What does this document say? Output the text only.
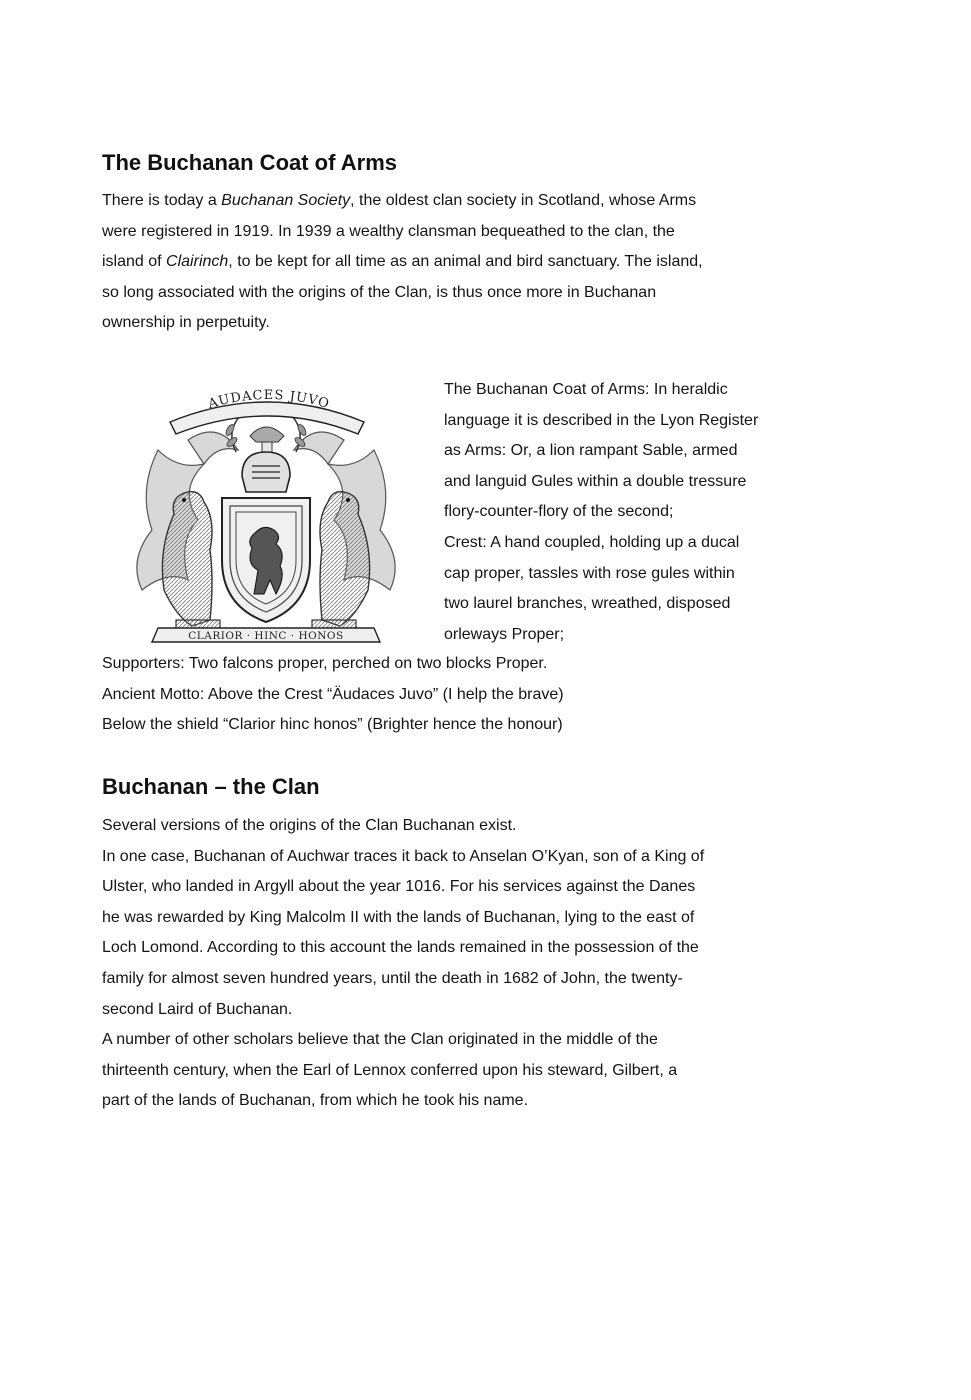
The Buchanan Coat of Arms
There is today a Buchanan Society, the oldest clan society in Scotland, whose Arms
were registered in 1919. In 1939 a wealthy clansman bequeathed to the clan, the
island of Clairinch, to be kept for all time as an animal and bird sanctuary. The island,
so long associated with the origins of the Clan, is thus once more in Buchanan
ownership in perpetuity.
AUDACES JUVO
CLARIOR · HINC · HONOS
The Buchanan Coat of Arms: In heraldic
language it is described in the Lyon Register
as Arms: Or, a lion rampant Sable, armed
and languid Gules within a double tressure
flory-counter-flory of the second;
Crest: A hand coupled, holding up a ducal
cap proper, tassles with rose gules within
two laurel branches, wreathed, disposed
orleways Proper;
Supporters: Two falcons proper, perched on two blocks Proper.
Ancient Motto: Above the Crest “Äudaces Juvo” (I help the brave)
Below the shield “Clarior hinc honos” (Brighter hence the honour)
Buchanan – the Clan
Several versions of the origins of the Clan Buchanan exist.
In one case, Buchanan of Auchwar traces it back to Anselan O’Kyan, son of a King of
Ulster, who landed in Argyll about the year 1016. For his services against the Danes
he was rewarded by King Malcolm II with the lands of Buchanan, lying to the east of
Loch Lomond. According to this account the lands remained in the possession of the
family for almost seven hundred years, until the death in 1682 of John, the twenty-
second Laird of Buchanan.
A number of other scholars believe that the Clan originated in the middle of the
thirteenth century, when the Earl of Lennox conferred upon his steward, Gilbert, a
part of the lands of Buchanan, from which he took his name.
